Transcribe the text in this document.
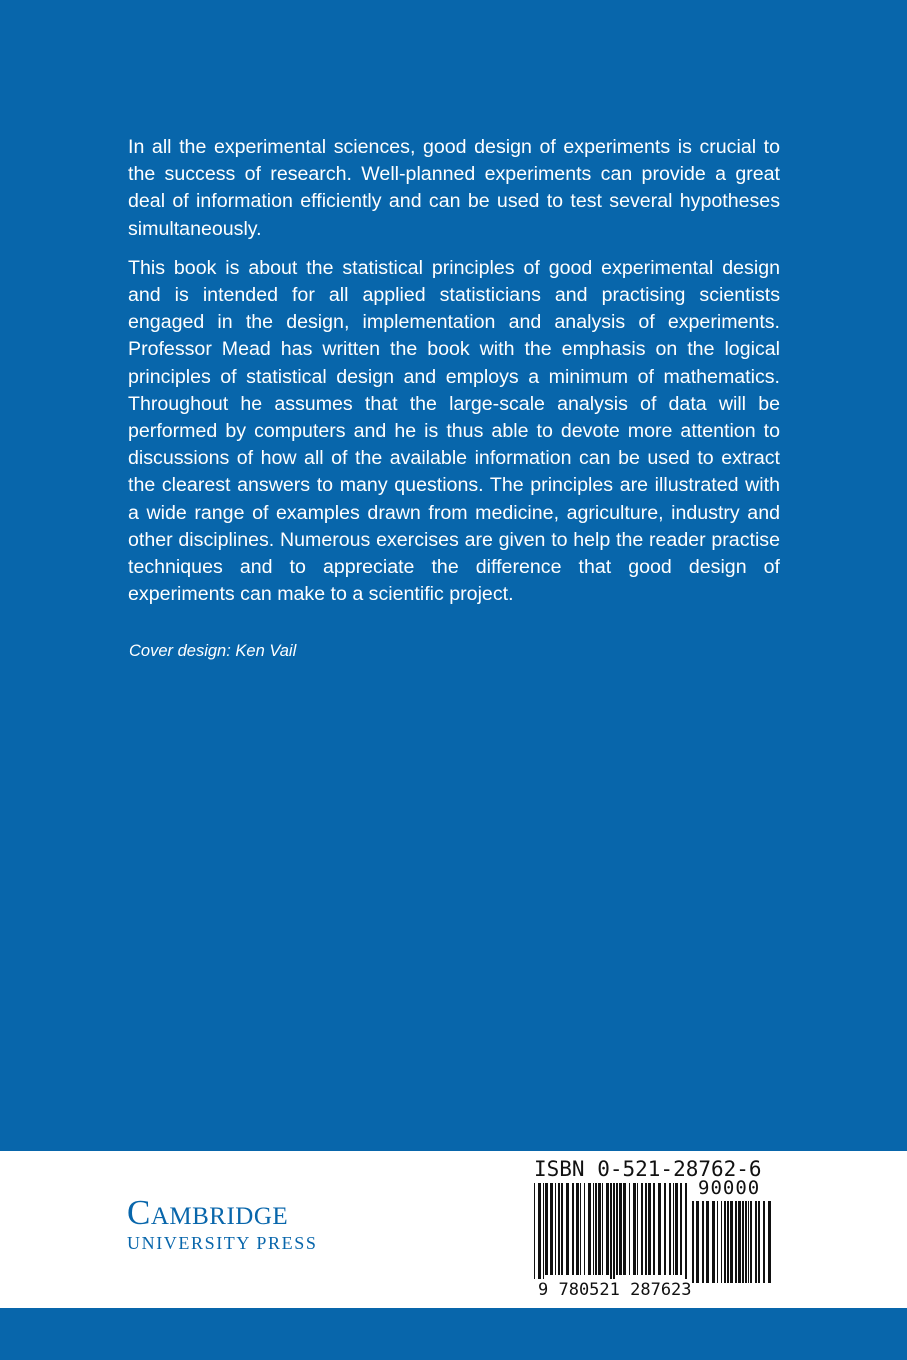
In all the experimental sciences, good design of experiments is crucial to the success of research. Well-planned experiments can provide a great deal of information efficiently and can be used to test several hypotheses simultaneously.

This book is about the statistical principles of good experimental design and is intended for all applied statisticians and practising scientists engaged in the design, implementation and analysis of experiments. Professor Mead has written the book with the emphasis on the logical principles of statistical design and employs a minimum of mathematics. Throughout he assumes that the large-scale analysis of data will be performed by computers and he is thus able to devote more attention to discussions of how all of the available information can be used to extract the clearest answers to many questions. The principles are illustrated with a wide range of examples drawn from medicine, agriculture, industry and other disciplines. Numerous exercises are given to help the reader practise techniques and to appreciate the difference that good design of experiments can make to a scientific project.

Cover design: Ken Vail
Cambridge
UNIVERSITY PRESS
ISBN 0-521-28762-6
90000
9 780521 287623
